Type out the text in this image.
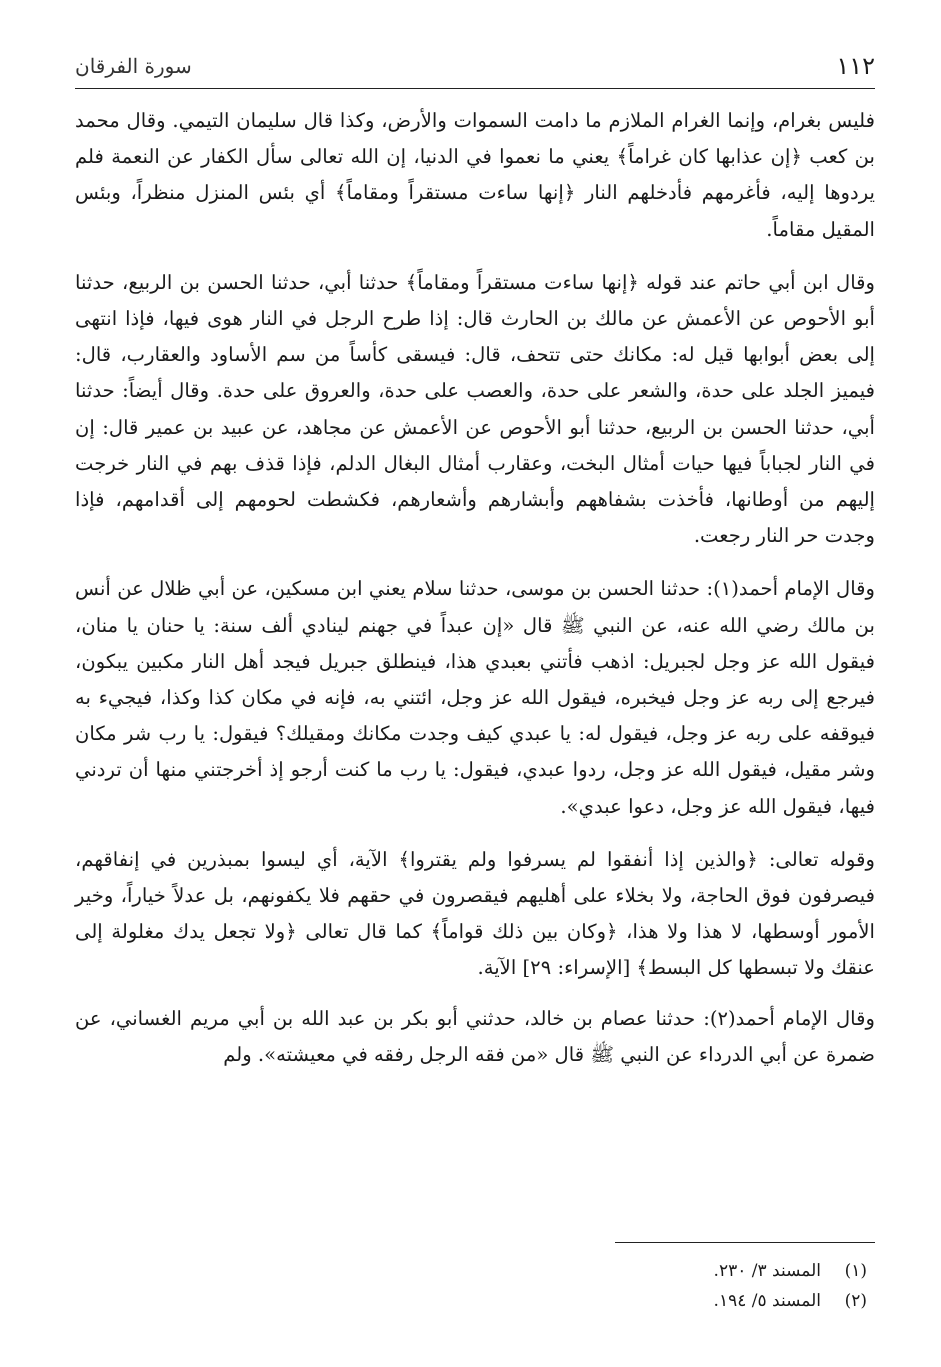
١١٢
سورة الفرقان

فليس بغرام، وإنما الغرام الملازم ما دامت السموات والأرض، وكذا قال سليمان التيمي. وقال محمد بن كعب ﴿إن عذابها كان غراماً﴾ يعني ما نعموا في الدنيا، إن الله تعالى سأل الكفار عن النعمة فلم يردوها إليه، فأغرمهم فأدخلهم النار ﴿إنها ساءت مستقراً ومقاماً﴾ أي بئس المنزل منظراً، وبئس المقيل مقاماً.

وقال ابن أبي حاتم عند قوله ﴿إنها ساءت مستقراً ومقاماً﴾ حدثنا أبي، حدثنا الحسن بن الربيع، حدثنا أبو الأحوص عن الأعمش عن مالك بن الحارث قال: إذا طرح الرجل في النار هوى فيها، فإذا انتهى إلى بعض أبوابها قيل له: مكانك حتى تتحف، قال: فيسقى كأساً من سم الأساود والعقارب، قال: فيميز الجلد على حدة، والشعر على حدة، والعصب على حدة، والعروق على حدة. وقال أيضاً: حدثنا أبي، حدثنا الحسن بن الربيع، حدثنا أبو الأحوص عن الأعمش عن مجاهد، عن عبيد بن عمير قال: إن في النار لجباباً فيها حيات أمثال البخت، وعقارب أمثال البغال الدلم، فإذا قذف بهم في النار خرجت إليهم من أوطانها، فأخذت بشفاههم وأبشارهم وأشعارهم، فكشطت لحومهم إلى أقدامهم، فإذا وجدت حر النار رجعت.

وقال الإمام أحمد(١): حدثنا الحسن بن موسى، حدثنا سلام يعني ابن مسكين، عن أبي ظلال عن أنس بن مالك رضي الله عنه، عن النبي ﷺ قال «إن عبداً في جهنم لينادي ألف سنة: يا حنان يا منان، فيقول الله عز وجل لجبريل: اذهب فأتني بعبدي هذا، فينطلق جبريل فيجد أهل النار مكبين يبكون، فيرجع إلى ربه عز وجل فيخبره، فيقول الله عز وجل، ائتني به، فإنه في مكان كذا وكذا، فيجيء به فيوقفه على ربه عز وجل، فيقول له: يا عبدي كيف وجدت مكانك ومقيلك؟ فيقول: يا رب شر مكان وشر مقيل، فيقول الله عز وجل، ردوا عبدي، فيقول: يا رب ما كنت أرجو إذ أخرجتني منها أن تردني فيها، فيقول الله عز وجل، دعوا عبدي».

وقوله تعالى: ﴿والذين إذا أنفقوا لم يسرفوا ولم يقتروا﴾ الآية، أي ليسوا بمبذرين في إنفاقهم، فيصرفون فوق الحاجة، ولا بخلاء على أهليهم فيقصرون في حقهم فلا يكفونهم، بل عدلاً خياراً، وخير الأمور أوسطها، لا هذا ولا هذا، ﴿وكان بين ذلك قواماً﴾ كما قال تعالى ﴿ولا تجعل يدك مغلولة إلى عنقك ولا تبسطها كل البسط﴾ [الإسراء: ٢٩] الآية.

وقال الإمام أحمد(٢): حدثنا عصام بن خالد، حدثني أبو بكر بن عبد الله بن أبي مريم الغساني، عن ضمرة عن أبي الدرداء عن النبي ﷺ قال «من فقه الرجل رفقه في معيشته». ولم

(١)
المسند ٣/ ٢٣٠.
(٢)
المسند ٥/ ١٩٤.
